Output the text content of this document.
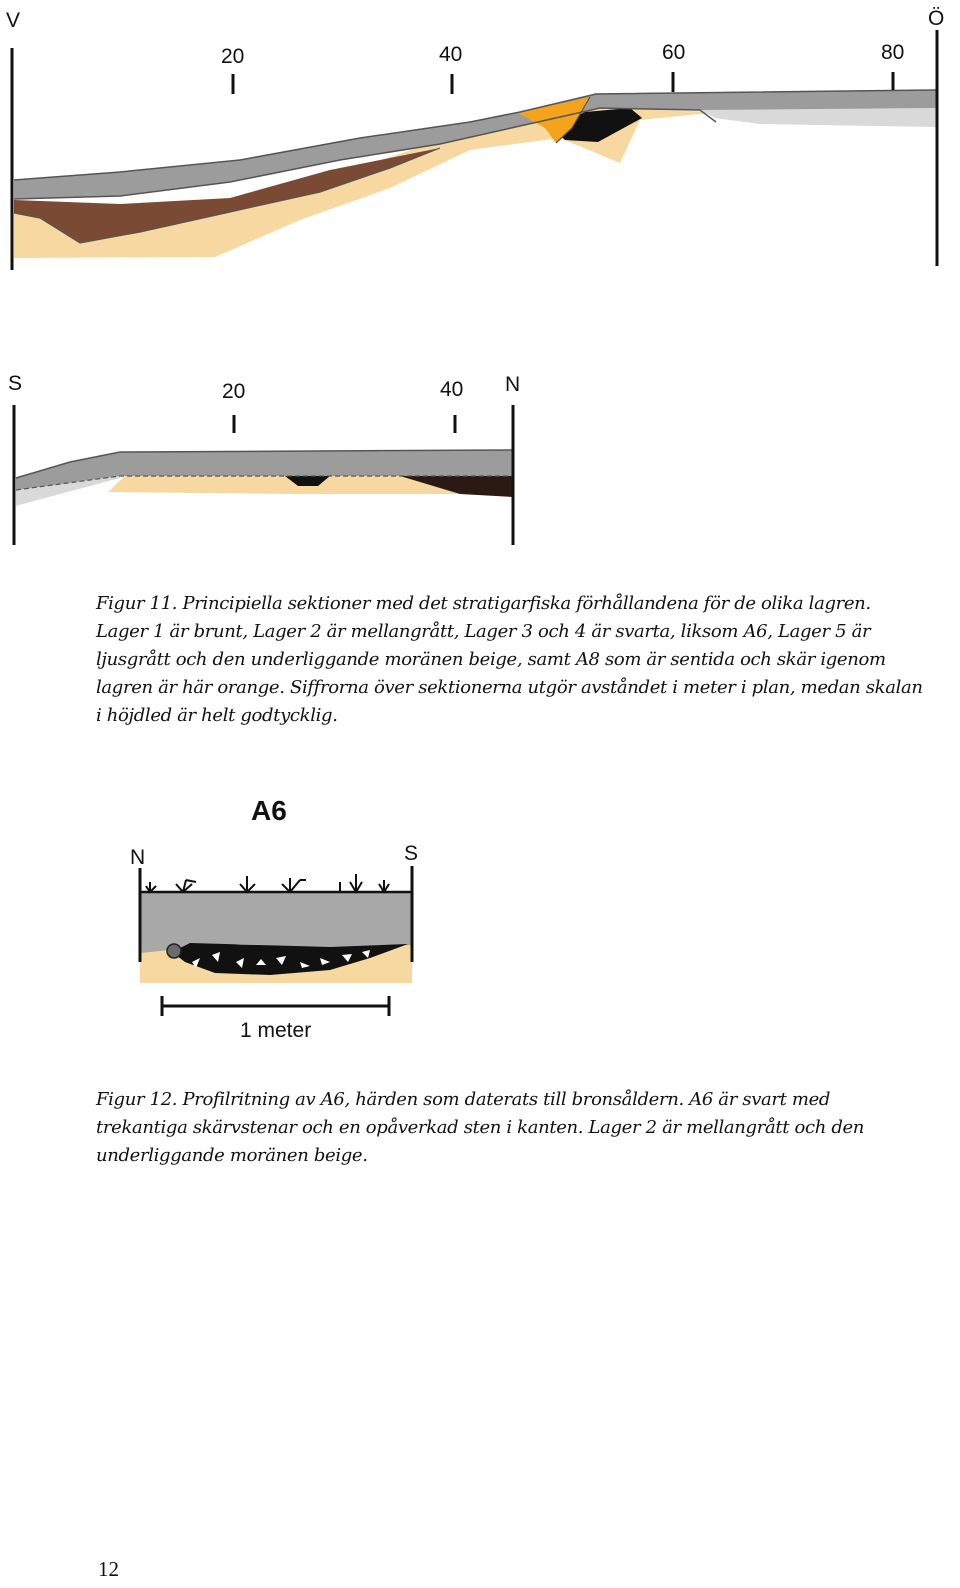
V	Ö
20	40	60	80
S	N
20	40

Figur 11. Principiella sektioner med det stratigarfiska förhållandena för de olika lagren. Lager 1 är brunt, Lager 2 är mellangrått, Lager 3 och 4 är svarta, liksom A6, Lager 5 är ljusgrått och den underliggande moränen beige, samt A8 som är sentida och skär igenom lagren är här orange. Siffrorna över sektionerna utgör avståndet i meter i plan, medan skalan i höjdled är helt godtycklig.

A6
N	S
1 meter

Figur 12. Profilritning av A6, härden som daterats till bronsåldern. A6 är svart med trekantiga skärvstenar och en opåverkad sten i kanten. Lager 2 är mellangrått och den underliggande moränen beige.

12
